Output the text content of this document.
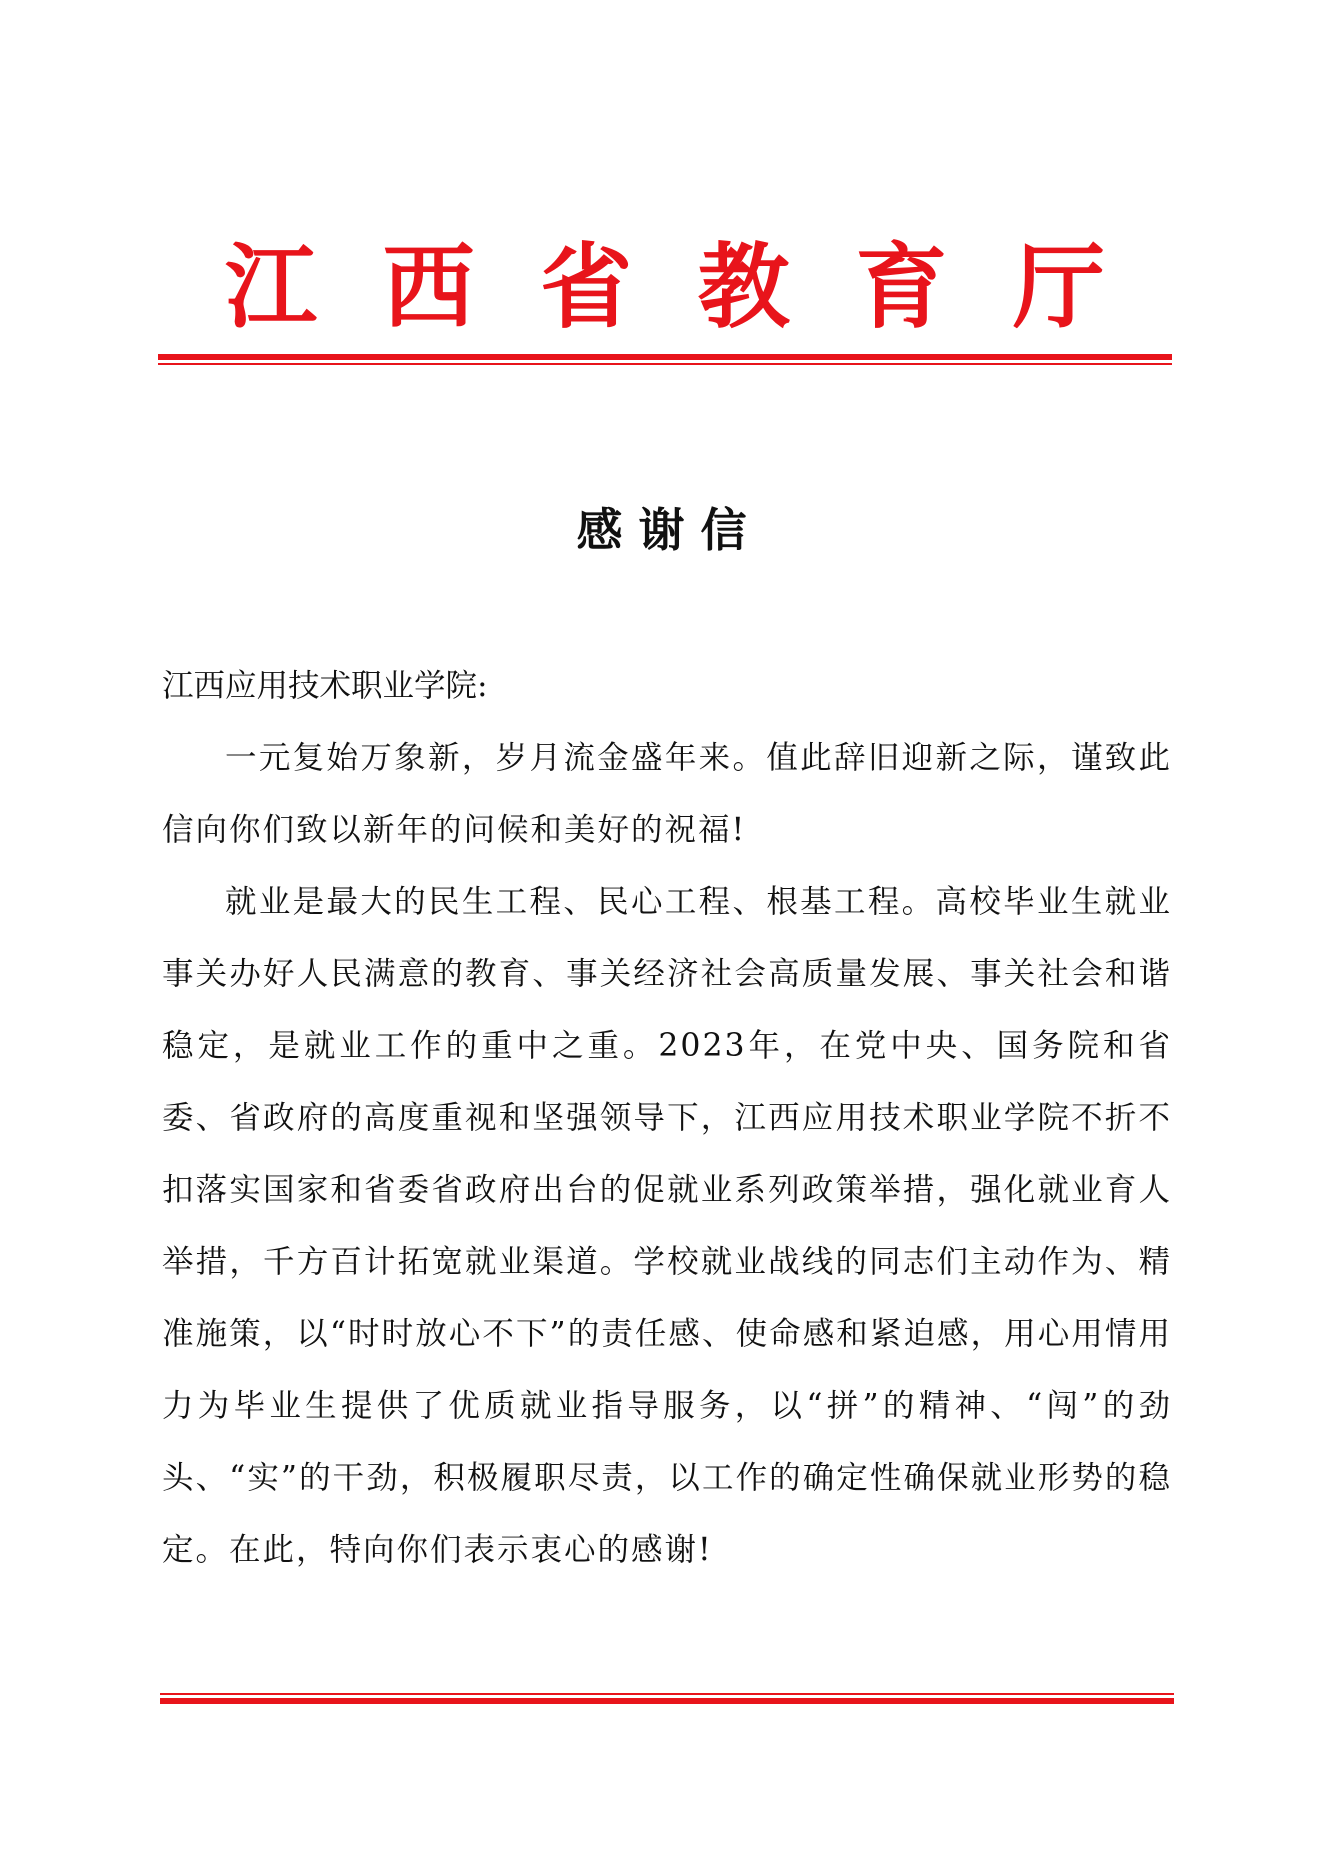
江 西 省 教 育 厅
感谢信

江西应用技术职业学院:

一元复始万象新，岁月流金盛年来。值此辞旧迎新之际，谨致此信向你们致以新年的问候和美好的祝福!

就业是最大的民生工程、民心工程、根基工程。高校毕业生就业事关办好人民满意的教育、事关经济社会高质量发展、事关社会和谐稳定，是就业工作的重中之重。2023年，在党中央、国务院和省委、省政府的高度重视和坚强领导下，江西应用技术职业学院不折不扣落实国家和省委省政府出台的促就业系列政策举措，强化就业育人举措，千方百计拓宽就业渠道。学校就业战线的同志们主动作为、精准施策，以“时时放心不下”的责任感、使命感和紧迫感，用心用情用力为毕业生提供了优质就业指导服务，以“拼”的精神、“闯”的劲头、“实”的干劲，积极履职尽责，以工作的确定性确保就业形势的稳定。在此，特向你们表示衷心的感谢!
